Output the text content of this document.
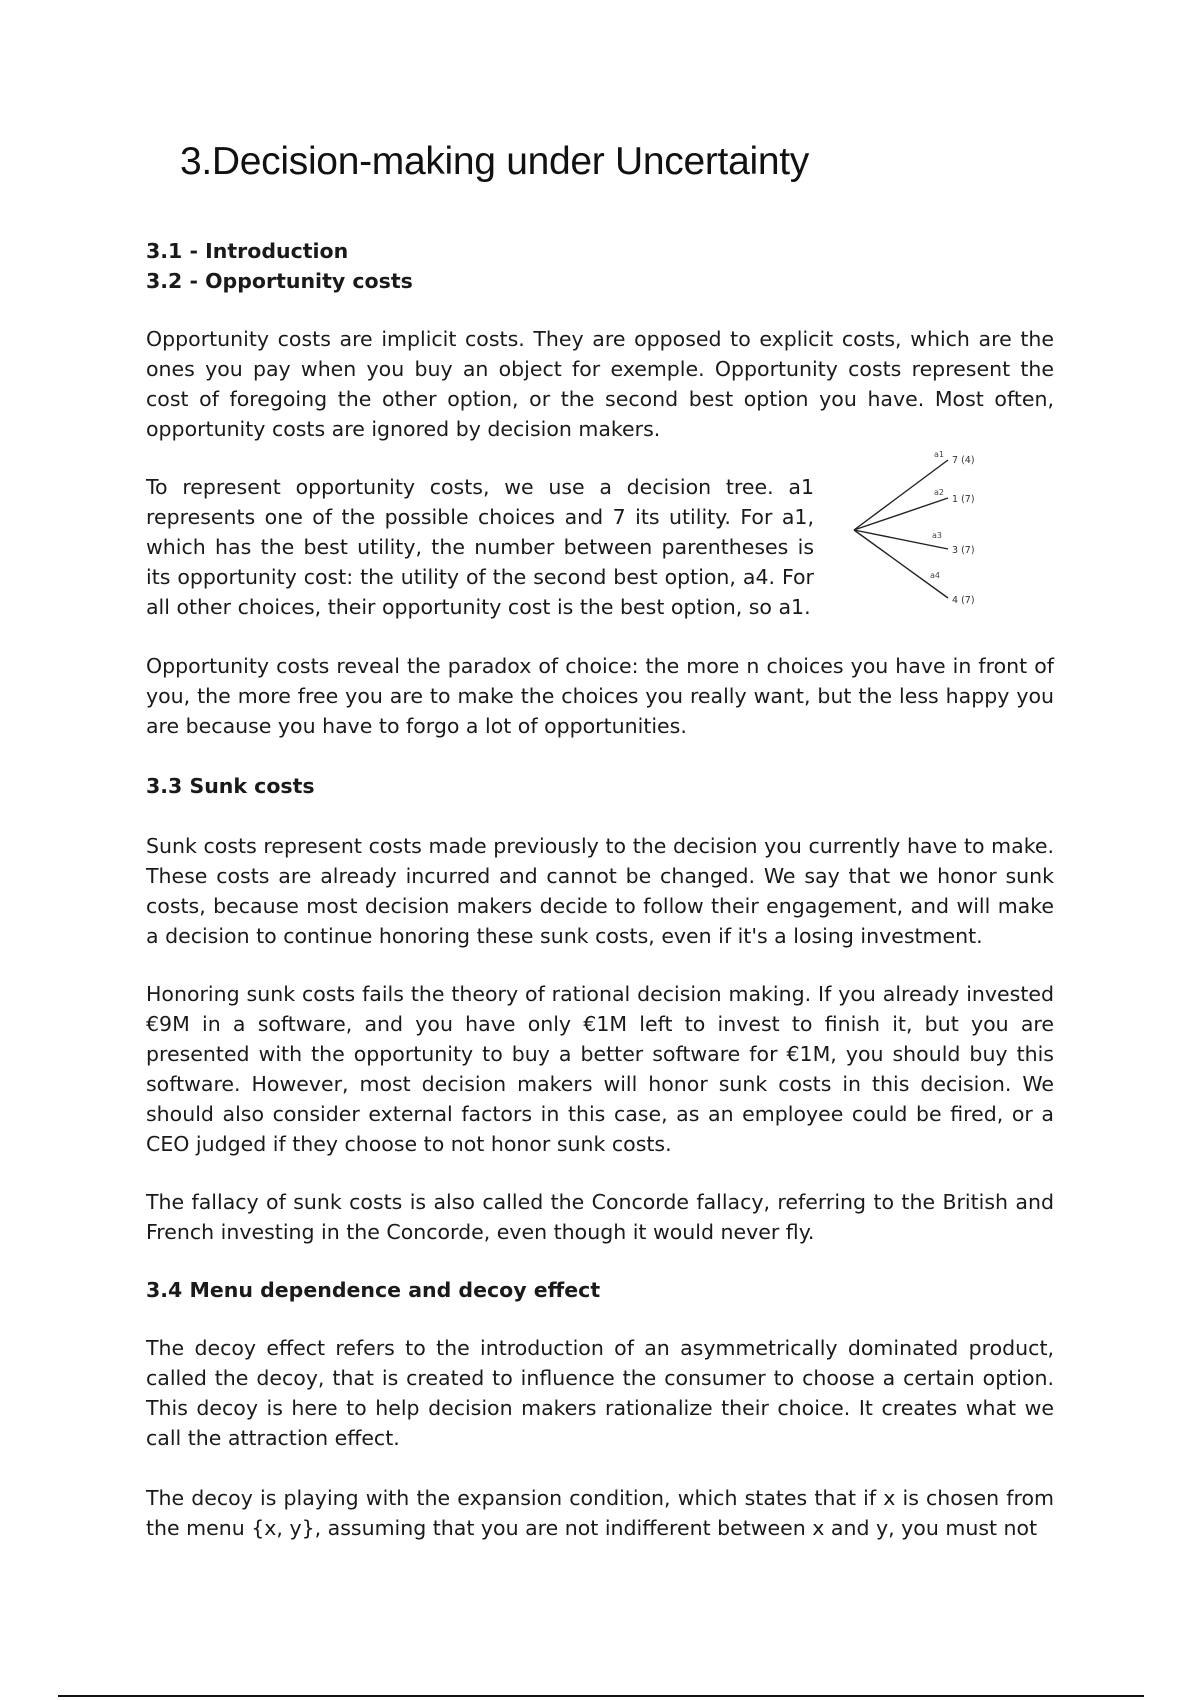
3.Decision-making under Uncertainty
3.1 - Introduction
3.2 - Opportunity costs

Opportunity costs are implicit costs. They are opposed to explicit costs, which are the ones you pay when you buy an object for exemple. Opportunity costs represent the cost of foregoing the other option, or the second best option you have. Most often, opportunity costs are ignored by decision makers.

To represent opportunity costs, we use a decision tree. a1 represents one of the possible choices and 7 its utility. For a1, which has the best utility, the number between parentheses is its opportunity cost: the utility of the second best option, a4. For all other choices, their opportunity cost is the best option, so a1.

a1
a2
a3
a4
7 (4)
1 (7)
3 (7)
4 (7)

Opportunity costs reveal the paradox of choice: the more n choices you have in front of you, the more free you are to make the choices you really want, but the less happy you are because you have to forgo a lot of opportunities.

3.3 Sunk costs

Sunk costs represent costs made previously to the decision you currently have to make. These costs are already incurred and cannot be changed. We say that we honor sunk costs, because most decision makers decide to follow their engagement, and will make a decision to continue honoring these sunk costs, even if it's a losing investment.

Honoring sunk costs fails the theory of rational decision making. If you already invested €9M in a software, and you have only €1M left to invest to finish it, but you are presented with the opportunity to buy a better software for €1M, you should buy this software. However, most decision makers will honor sunk costs in this decision. We should also consider external factors in this case, as an employee could be fired, or a CEO judged if they choose to not honor sunk costs.

The fallacy of sunk costs is also called the Concorde fallacy, referring to the British and French investing in the Concorde, even though it would never fly.

3.4 Menu dependence and decoy effect

The decoy effect refers to the introduction of an asymmetrically dominated product, called the decoy, that is created to influence the consumer to choose a certain option. This decoy is here to help decision makers rationalize their choice. It creates what we call the attraction effect.

The decoy is playing with the expansion condition, which states that if x is chosen from the menu {x, y}, assuming that you are not indifferent between x and y, you must not
